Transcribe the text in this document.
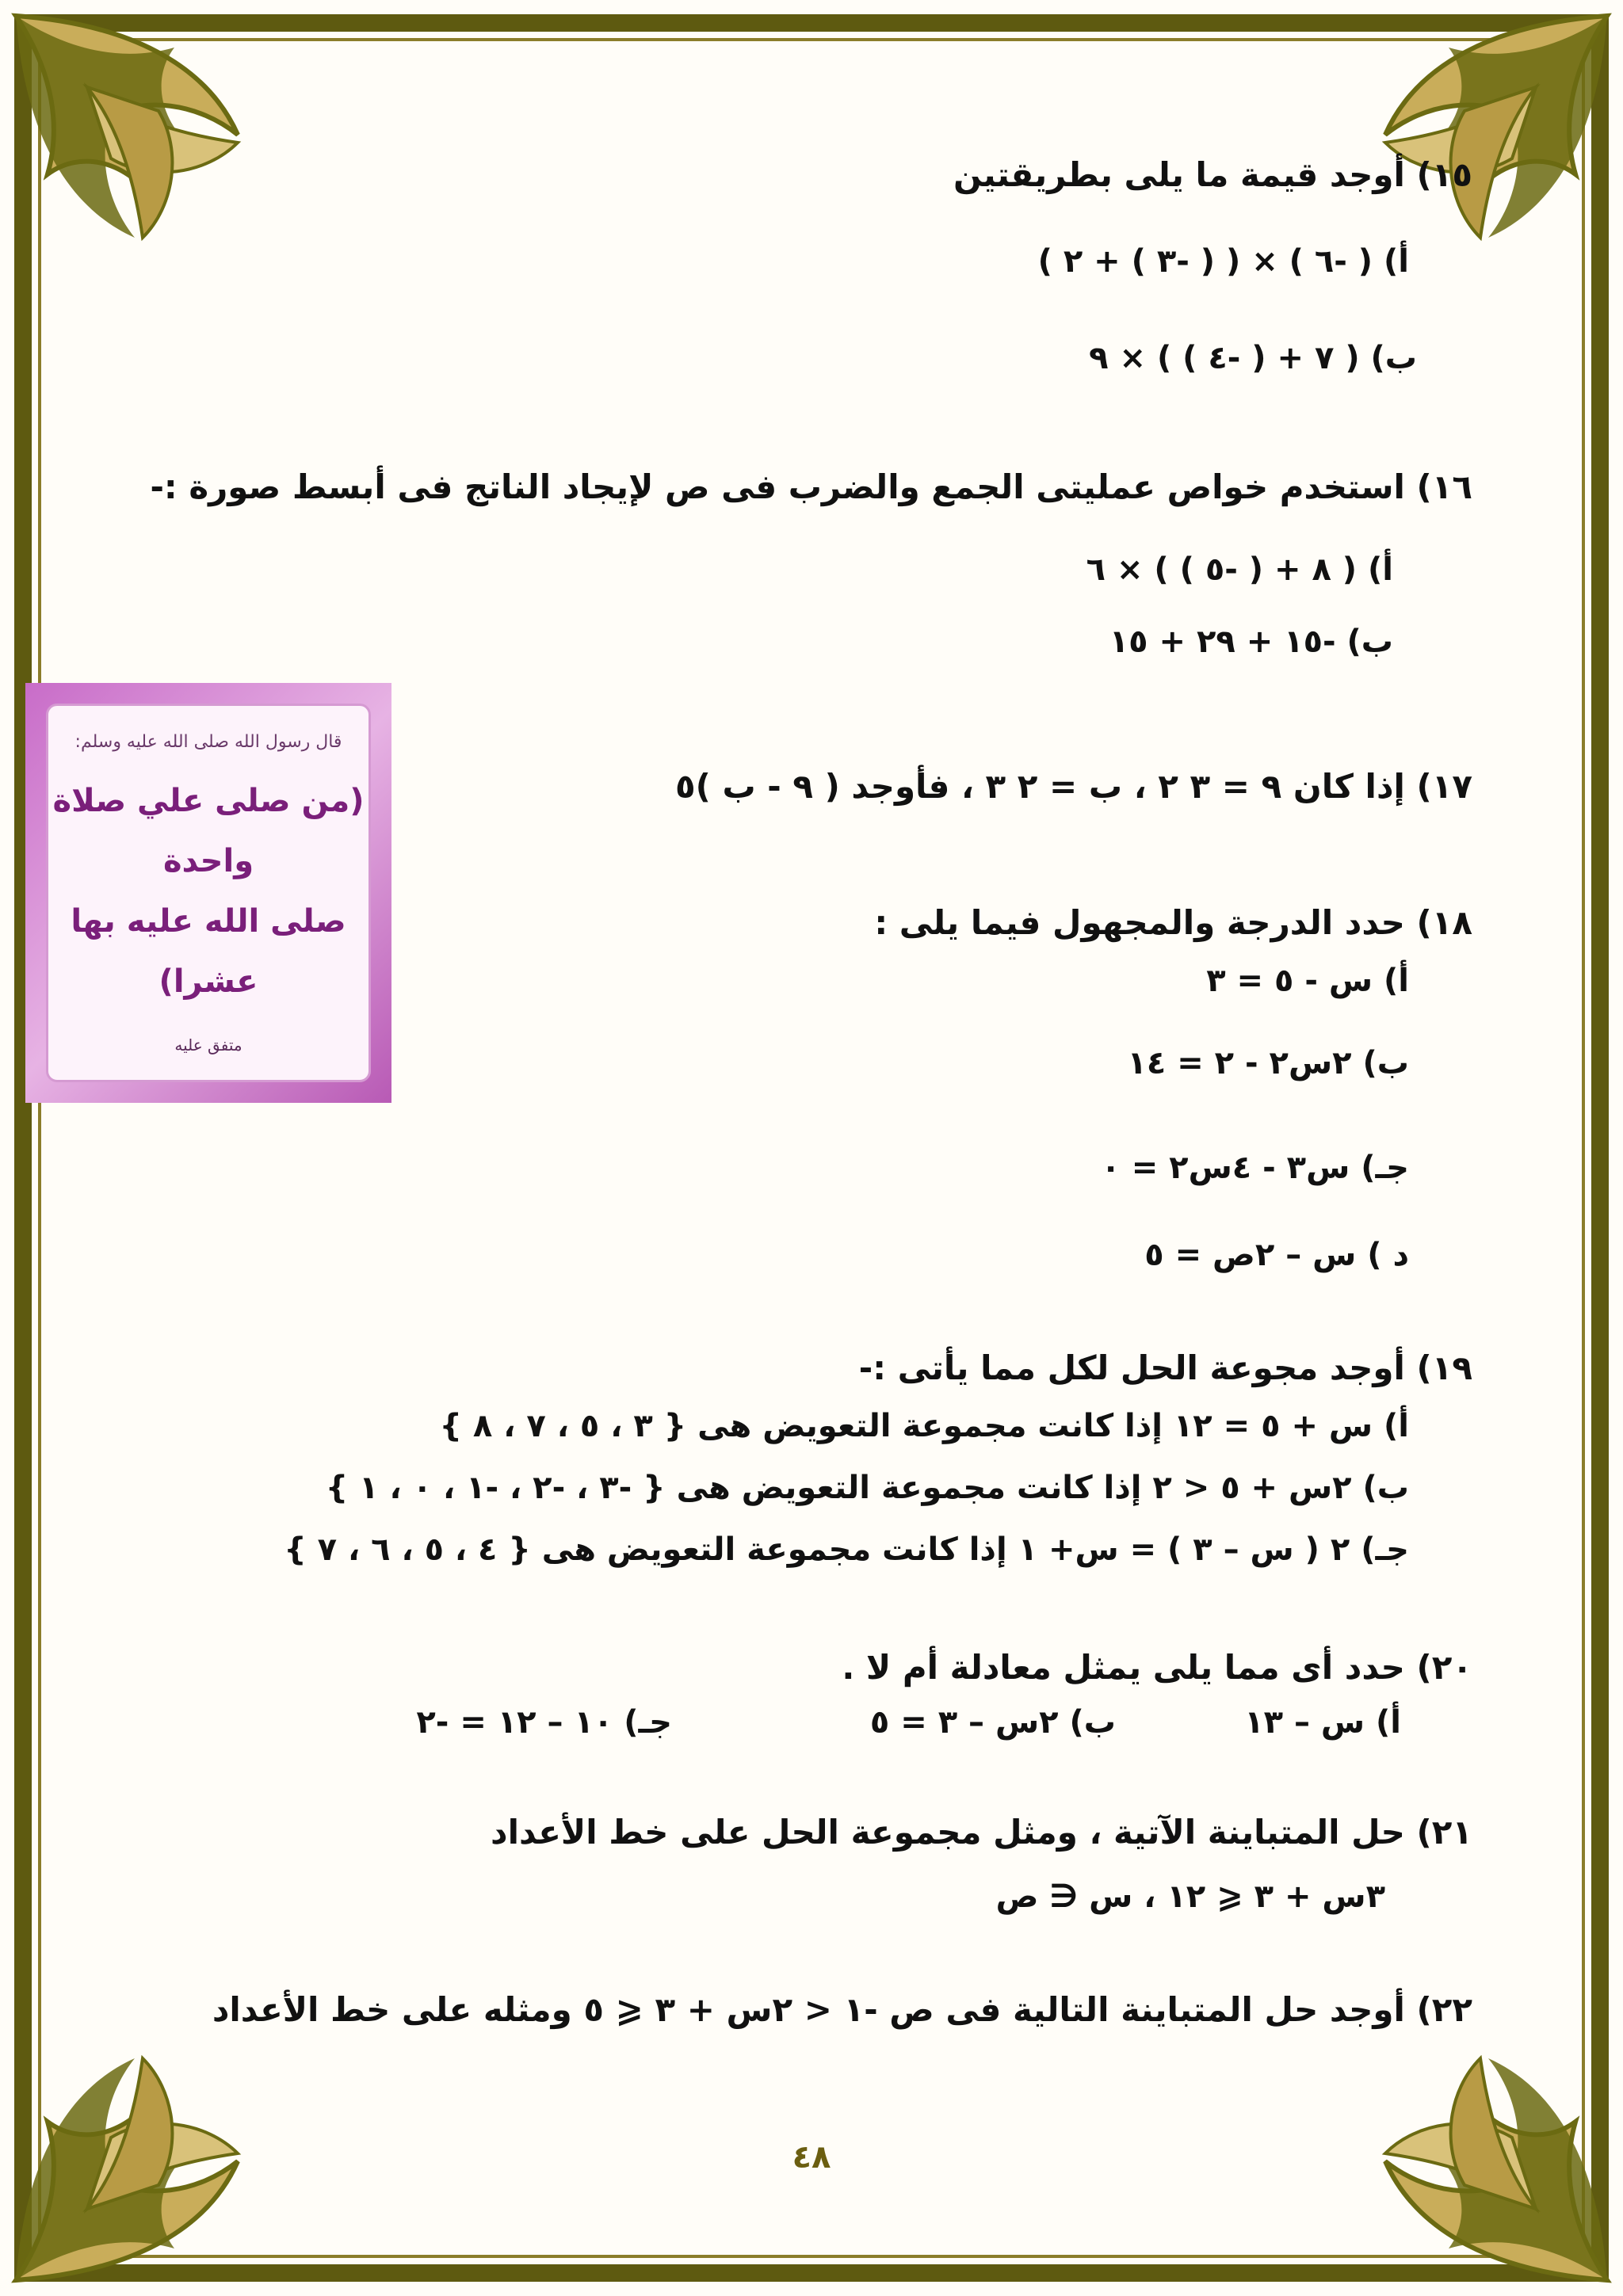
١٥) أوجد قيمة ما يلى بطريقتين
أ) ( -٦ ) × ( ( -٣ ) + ٢ )
ب) ( ٧ + ( -٤ ) ) × ٩
١٦) استخدم خواص عمليتى الجمع والضرب فى ص لإيجاد الناتج فى أبسط صورة :-
أ) ( ٨ + ( -٥ ) ) × ٦
ب) -١٥ + ٢٩ + ١٥
قال رسول الله صلى الله عليه وسلم:
(من صلى علي صلاة واحدة
صلى الله عليه بها عشرا)
متفق عليه
١٧) إذا كان ٩ = ٣ ٢ ، ب = ٢ ٣ ، فأوجد ( ٩ - ب )٥
١٨) حدد الدرجة والمجهول فيما يلى :
أ) س - ٥ = ٣
ب) ٢س٢ - ٢ = ١٤
جـ) س٣ - ٤س٢ = ٠
د ) س – ٢ص = ٥
١٩) أوجد مجوعة الحل لكل مما يأتى :-
أ) س + ٥ = ١٢ إذا كانت مجموعة التعويض هى { ٣ ، ٥ ، ٧ ، ٨ }
ب) ٢س + ٥ < ٢ إذا كانت مجموعة التعويض هى { -٣ ، -٢ ، -١ ، ٠ ، ١ }
جـ) ٢ ( س – ٣ ) = س+ ١ إذا كانت مجموعة التعويض هى { ٤ ، ٥ ، ٦ ، ٧ }
٢٠) حدد أى مما يلى يمثل معادلة أم لا .
أ) س – ١٣
ب) ٢س – ٣ = ٥
جـ) ١٠ – ١٢ = -٢
٢١) حل المتباينة الآتية ، ومثل مجموعة الحل على خط الأعداد
٣س + ٣ ⩽ ١٢ ، س ∈ ص
٢٢) أوجد حل المتباينة التالية فى ص -١ < ٢س + ٣ ⩽ ٥ ومثله على خط الأعداد
٤٨
